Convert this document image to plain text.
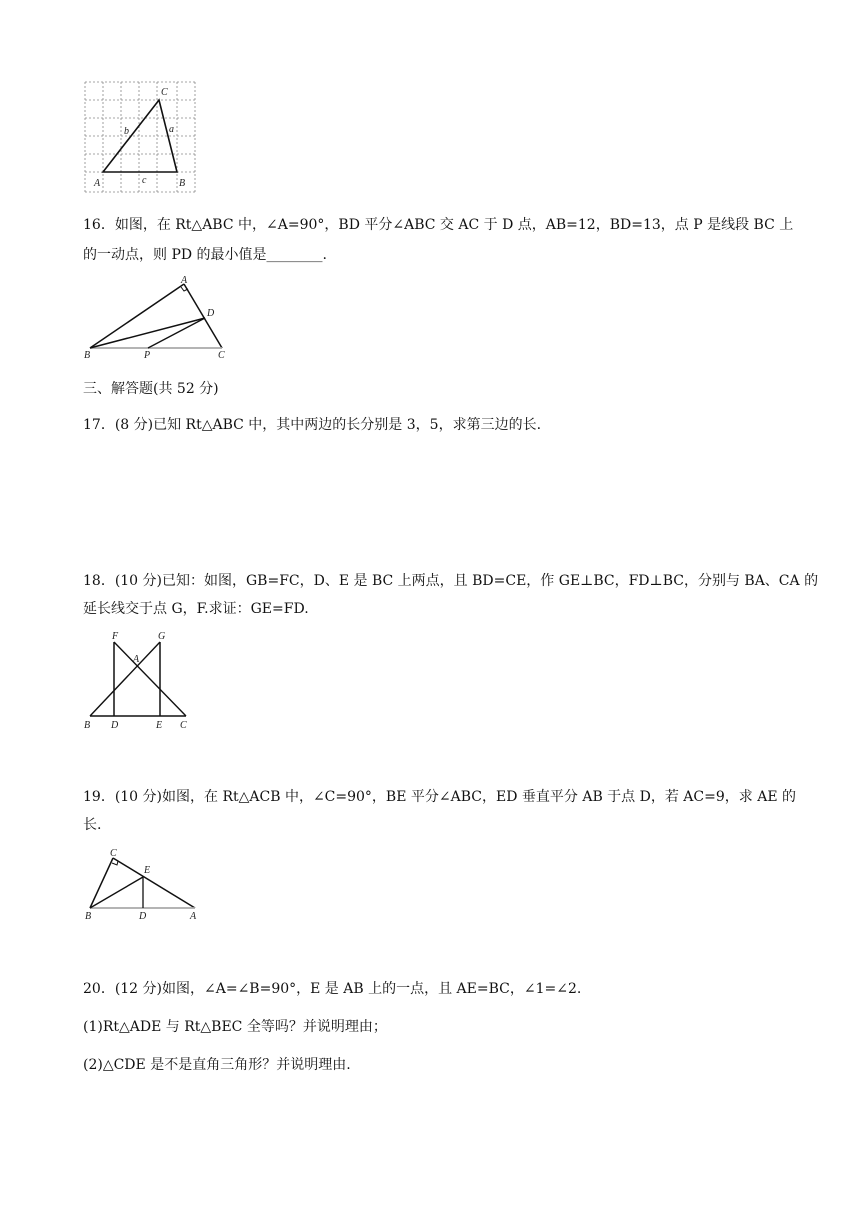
C
a
b
A	c	B
16．如图，在 Rt△ABC 中，∠A=90°，BD 平分∠ABC 交 AC 于 D 点，AB=12，BD=13，点 P 是线段 BC 上
的一动点，则 PD 的最小值是________.
A
D
B	P	C
三、解答题(共 52 分)
17．(8 分)已知 Rt△ABC 中，其中两边的长分别是 3，5，求第三边的长.
18．(10 分)已知：如图，GB=FC，D、E 是 BC 上两点，且 BD=CE，作 GE⊥BC，FD⊥BC，分别与 BA、CA 的
延长线交于点 G，F.求证：GE=FD.
F	G
A
B D	E C
19．(10 分)如图，在 Rt△ACB 中，∠C=90°，BE 平分∠ABC，ED 垂直平分 AB 于点 D，若 AC=9，求 AE 的
长.
C
E
B	D	A
20．(12 分)如图，∠A=∠B=90°，E 是 AB 上的一点，且 AE=BC，∠1=∠2.
(1)Rt△ADE 与 Rt△BEC 全等吗？并说明理由；
(2)△CDE 是不是直角三角形？并说明理由.
